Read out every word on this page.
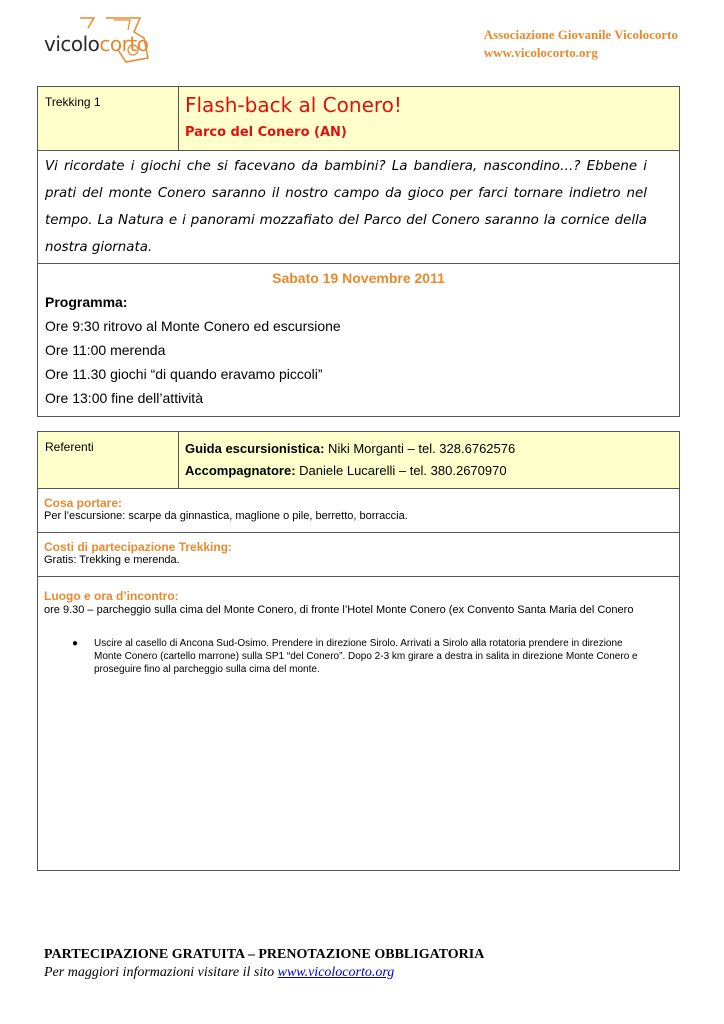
vicolocorto	Associazione Giovanile Vicolocorto
www.vicolocorto.org
Trekking 1	Flash-back al Conero!
Parco del Conero (AN)

Vi ricordate i giochi che si facevano da bambini? La bandiera, nascondino…? Ebbene i prati del monte Conero saranno il nostro campo da gioco per farci tornare indietro nel tempo. La Natura e i panorami mozzafiato del Parco del Conero saranno la cornice della nostra giornata.

Sabato 19 Novembre 2011
Programma:
Ore 9:30 ritrovo al Monte Conero ed escursione
Ore 11:00 merenda
Ore 11.30 giochi “di quando eravamo piccoli”
Ore 13:00 fine dell’attività
Referenti	Guida escursionistica: Niki Morganti – tel. 328.6762576
Accompagnatore: Daniele Lucarelli – tel. 380.2670970

Cosa portare:
Per l’escursione: scarpe da ginnastica, maglione o pile, berretto, borraccia.

Costi di partecipazione Trekking:
Gratis: Trekking e merenda.

Luogo e ora d’incontro:
ore 9.30 – parcheggio sulla cima del Monte Conero, di fronte l’Hotel Monte Conero (ex Convento Santa Maria del Conero
● Uscire al casello di Ancona Sud-Osimo. Prendere in direzione Sirolo. Arrivati a Sirolo alla rotatoria prendere in direzione Monte Conero (cartello marrone) sulla SP1 “del Conero”. Dopo 2-3 km girare a destra in salita in direzione Monte Conero e proseguire fino al parcheggio sulla cima del monte.
PARTECIPAZIONE GRATUITA – PRENOTAZIONE OBBLIGATORIA
Per maggiori informazioni visitare il sito www.vicolocorto.org
